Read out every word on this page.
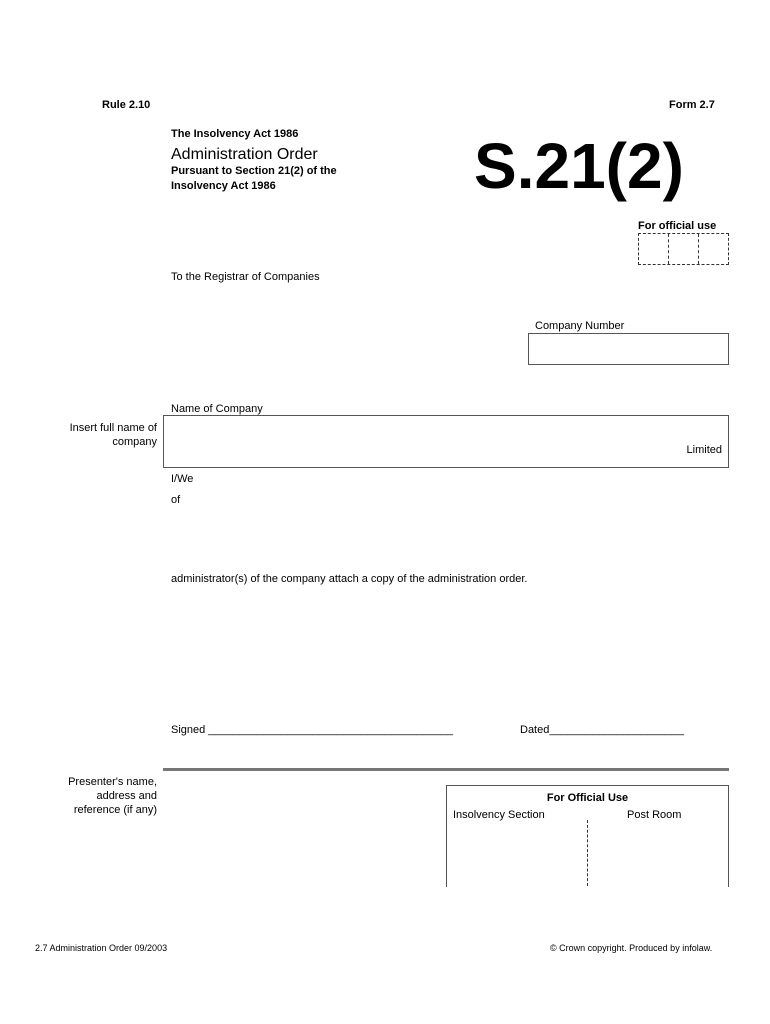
Rule 2.10	Form 2.7
The Insolvency Act 1986
Administration Order
Pursuant to Section 21(2) of the
Insolvency Act 1986	S.21(2)
For official use
To the Registrar of Companies
Company Number
Name of Company
Insert full name of
company
Limited
I/We
of
administrator(s) of the company attach a copy of the administration order.
Signed ________________________________________	Dated______________________
Presenter's name,
address and
reference (if any)
For Official Use
Insolvency Section	Post Room
2.7 Administration Order 09/2003	© Crown copyright. Produced by infolaw.
